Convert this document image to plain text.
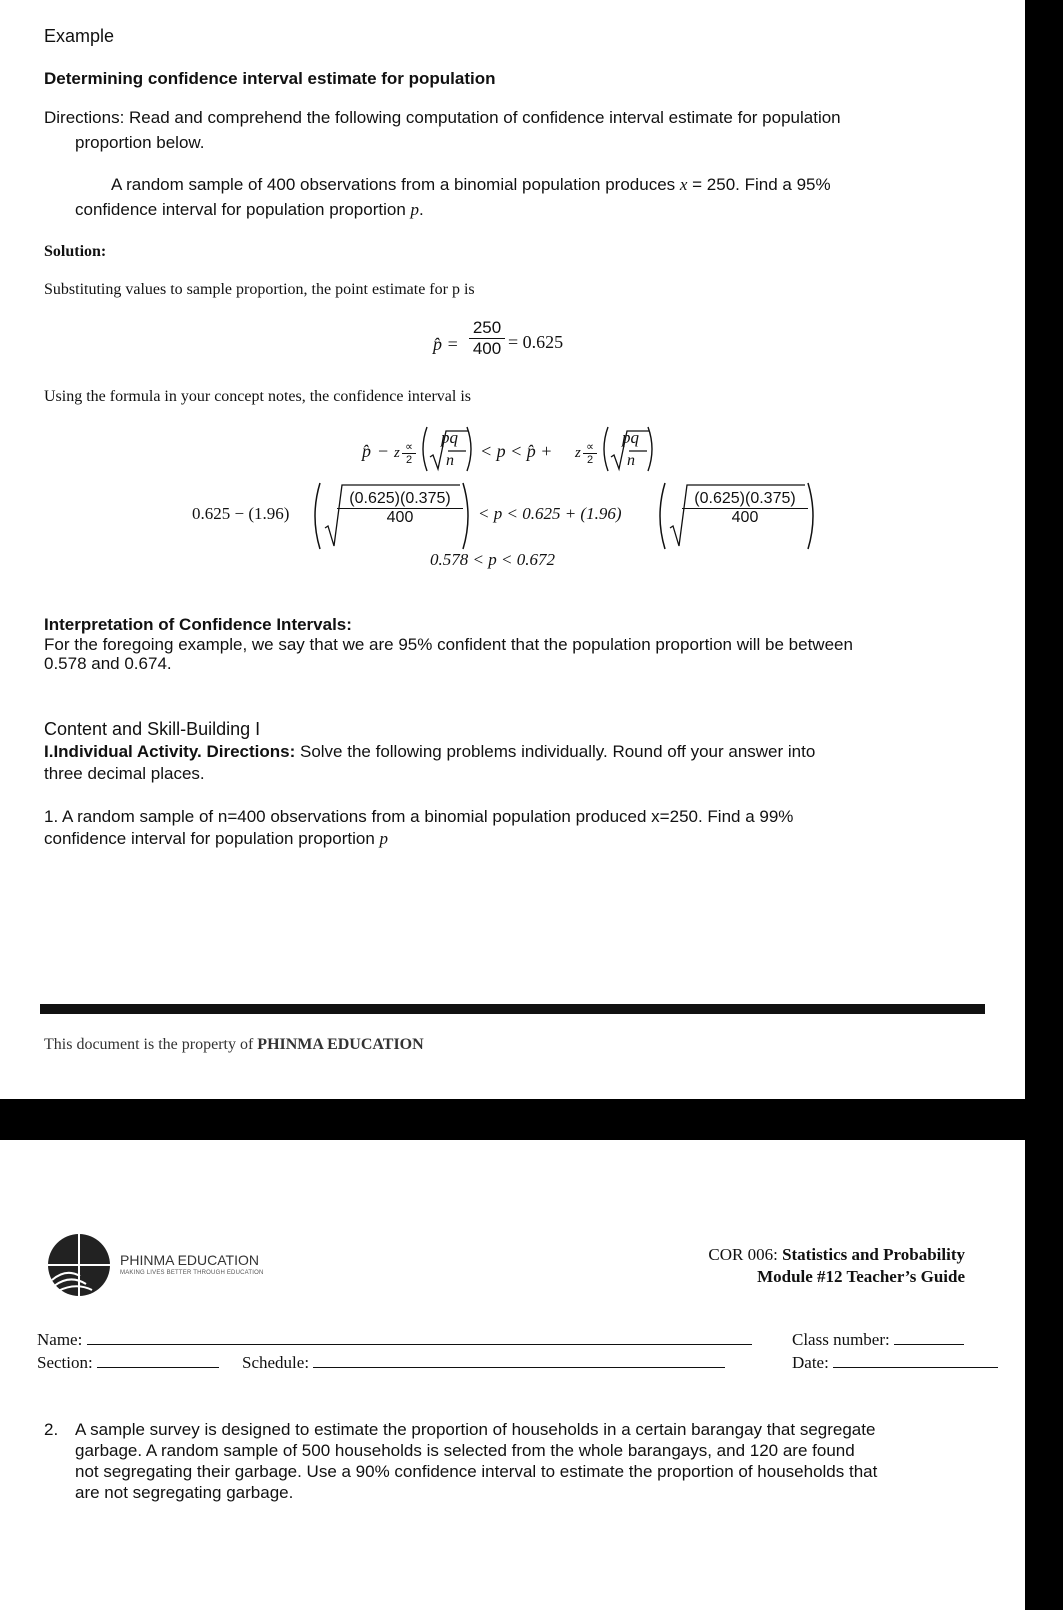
Example

Determining confidence interval estimate for population

Directions: Read and comprehend the following computation of confidence interval estimate for population

proportion below.

A random sample of 400 observations from a binomial population produces x = 250. Find a 95%

confidence interval for population proportion p.

Solution:

Substituting values to sample proportion, the point estimate for p is

p̂ = $\frac{250}{400} = 0.625$

Using the formula in your concept notes, the confidence interval is

p̂ − z ∝
2
pq
n < p < p̂ + z ∝
2
pq
n
0.625 − (1.96)	$\frac{(0.625)(0.375)}{400} < p < 0.625 + (1.96)$	$\frac{(0.625)(0.375)}{400}$
0.578 < p < 0.672

Interpretation of Confidence Intervals:

For the foregoing example, we say that we are 95% confident that the population proportion will be between

0.578 and 0.674.

Content and Skill-Building I

I.Individual Activity. Directions: Solve the following problems individually. Round off your answer into

three decimal places.

1. A random sample of n=400 observations from a binomial population produced x=250. Find a 99%

confidence interval for population proportion p

This document is the property of PHINMA EDUCATION

PHINMA EDUCATION
MAKING LIVES BETTER THROUGH EDUCATION
COR 006: Statistics and Probability
Module #12 Teacher’s Guide
Name:	Class number:
Section:	Schedule:	Date:
2. A sample survey is designed to estimate the proportion of households in a certain barangay that segregate
garbage. A random sample of 500 households is selected from the whole barangays, and 120 are found
not segregating their garbage. Use a 90% confidence interval to estimate the proportion of households that
are not segregating garbage.
